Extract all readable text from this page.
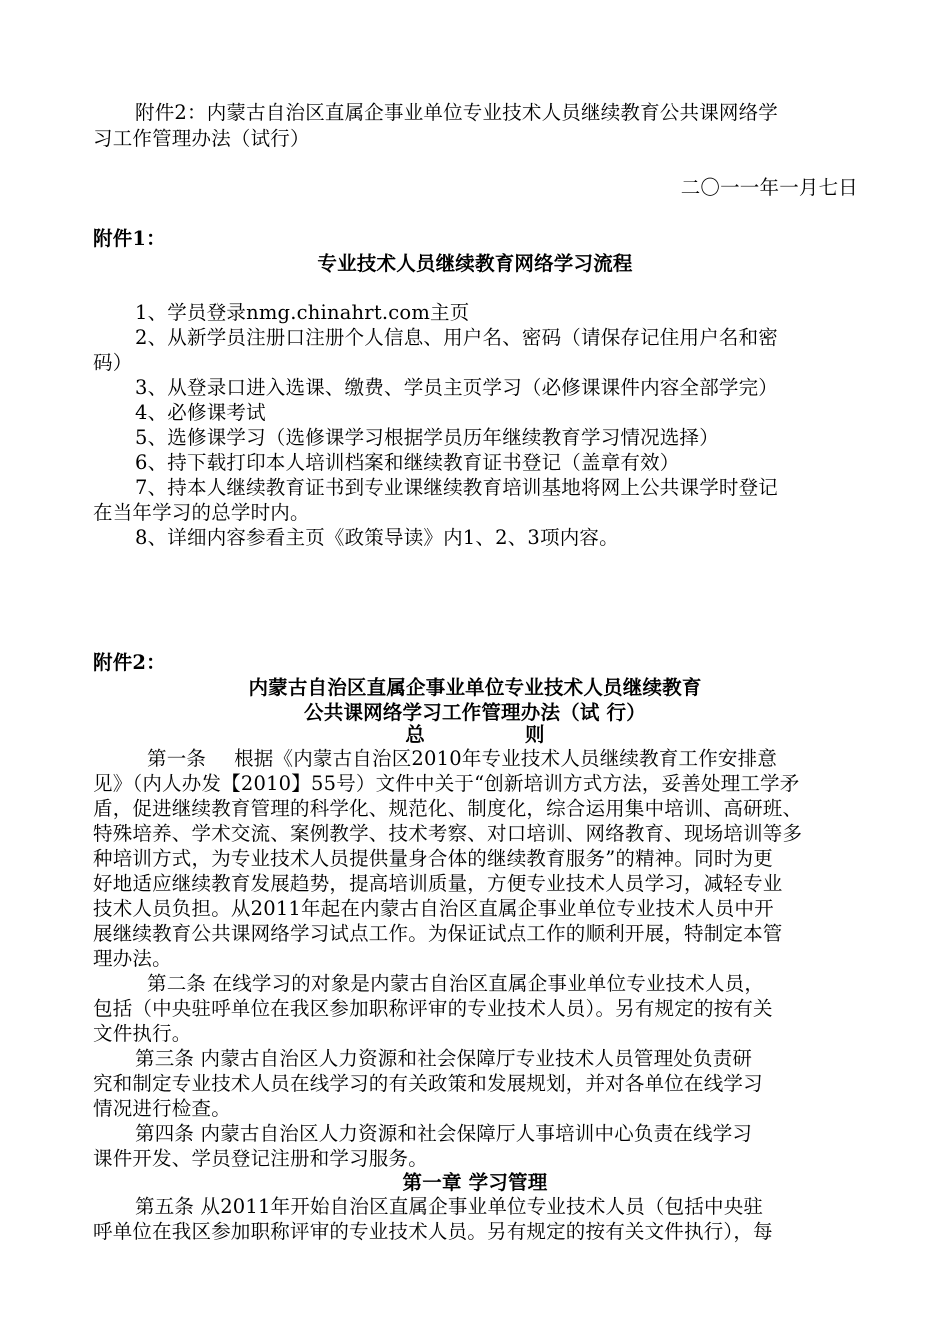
附件2：内蒙古自治区直属企事业单位专业技术人员继续教育公共课网络学
习工作管理办法（试行）
二〇一一年一月七日
附件1：
专业技术人员继续教育网络学习流程
1、学员登录nmg.chinahrt.com主页
2、从新学员注册口注册个人信息、用户名、密码（请保存记住用户名和密
码）
3、从登录口进入选课、缴费、学员主页学习（必修课课件内容全部学完）
4、必修课考试
5、选修课学习（选修课学习根据学员历年继续教育学习情况选择）
6、持下载打印本人培训档案和继续教育证书登记（盖章有效）
7、持本人继续教育证书到专业课继续教育培训基地将网上公共课学时登记
在当年学习的总学时内。
8、详细内容参看主页《政策导读》内1、2、3项内容。
附件2：
内蒙古自治区直属企事业单位专业技术人员继续教育
公共课网络学习工作管理办法（试 行）
总	则
第一条 根据《内蒙古自治区2010年专业技术人员继续教育工作安排意
见》（内人办发【2010】55号）文件中关于“创新培训方式方法，妥善处理工学矛
盾，促进继续教育管理的科学化、规范化、制度化，综合运用集中培训、高研班、
特殊培养、学术交流、案例教学、技术考察、对口培训、网络教育、现场培训等多
种培训方式，为专业技术人员提供量身合体的继续教育服务”的精神。同时为更
好地适应继续教育发展趋势，提高培训质量，方便专业技术人员学习，减轻专业
技术人员负担。从2011年起在内蒙古自治区直属企事业单位专业技术人员中开
展继续教育公共课网络学习试点工作。为保证试点工作的顺利开展，特制定本管
理办法。
第二条 在线学习的对象是内蒙古自治区直属企事业单位专业技术人员，
包括（中央驻呼单位在我区参加职称评审的专业技术人员）。另有规定的按有关
文件执行。
第三条 内蒙古自治区人力资源和社会保障厅专业技术人员管理处负责研
究和制定专业技术人员在线学习的有关政策和发展规划，并对各单位在线学习
情况进行检查。
第四条 内蒙古自治区人力资源和社会保障厅人事培训中心负责在线学习
课件开发、学员登记注册和学习服务。
第一章 学习管理
第五条 从2011年开始自治区直属企事业单位专业技术人员（包括中央驻
呼单位在我区参加职称评审的专业技术人员。另有规定的按有关文件执行），每
